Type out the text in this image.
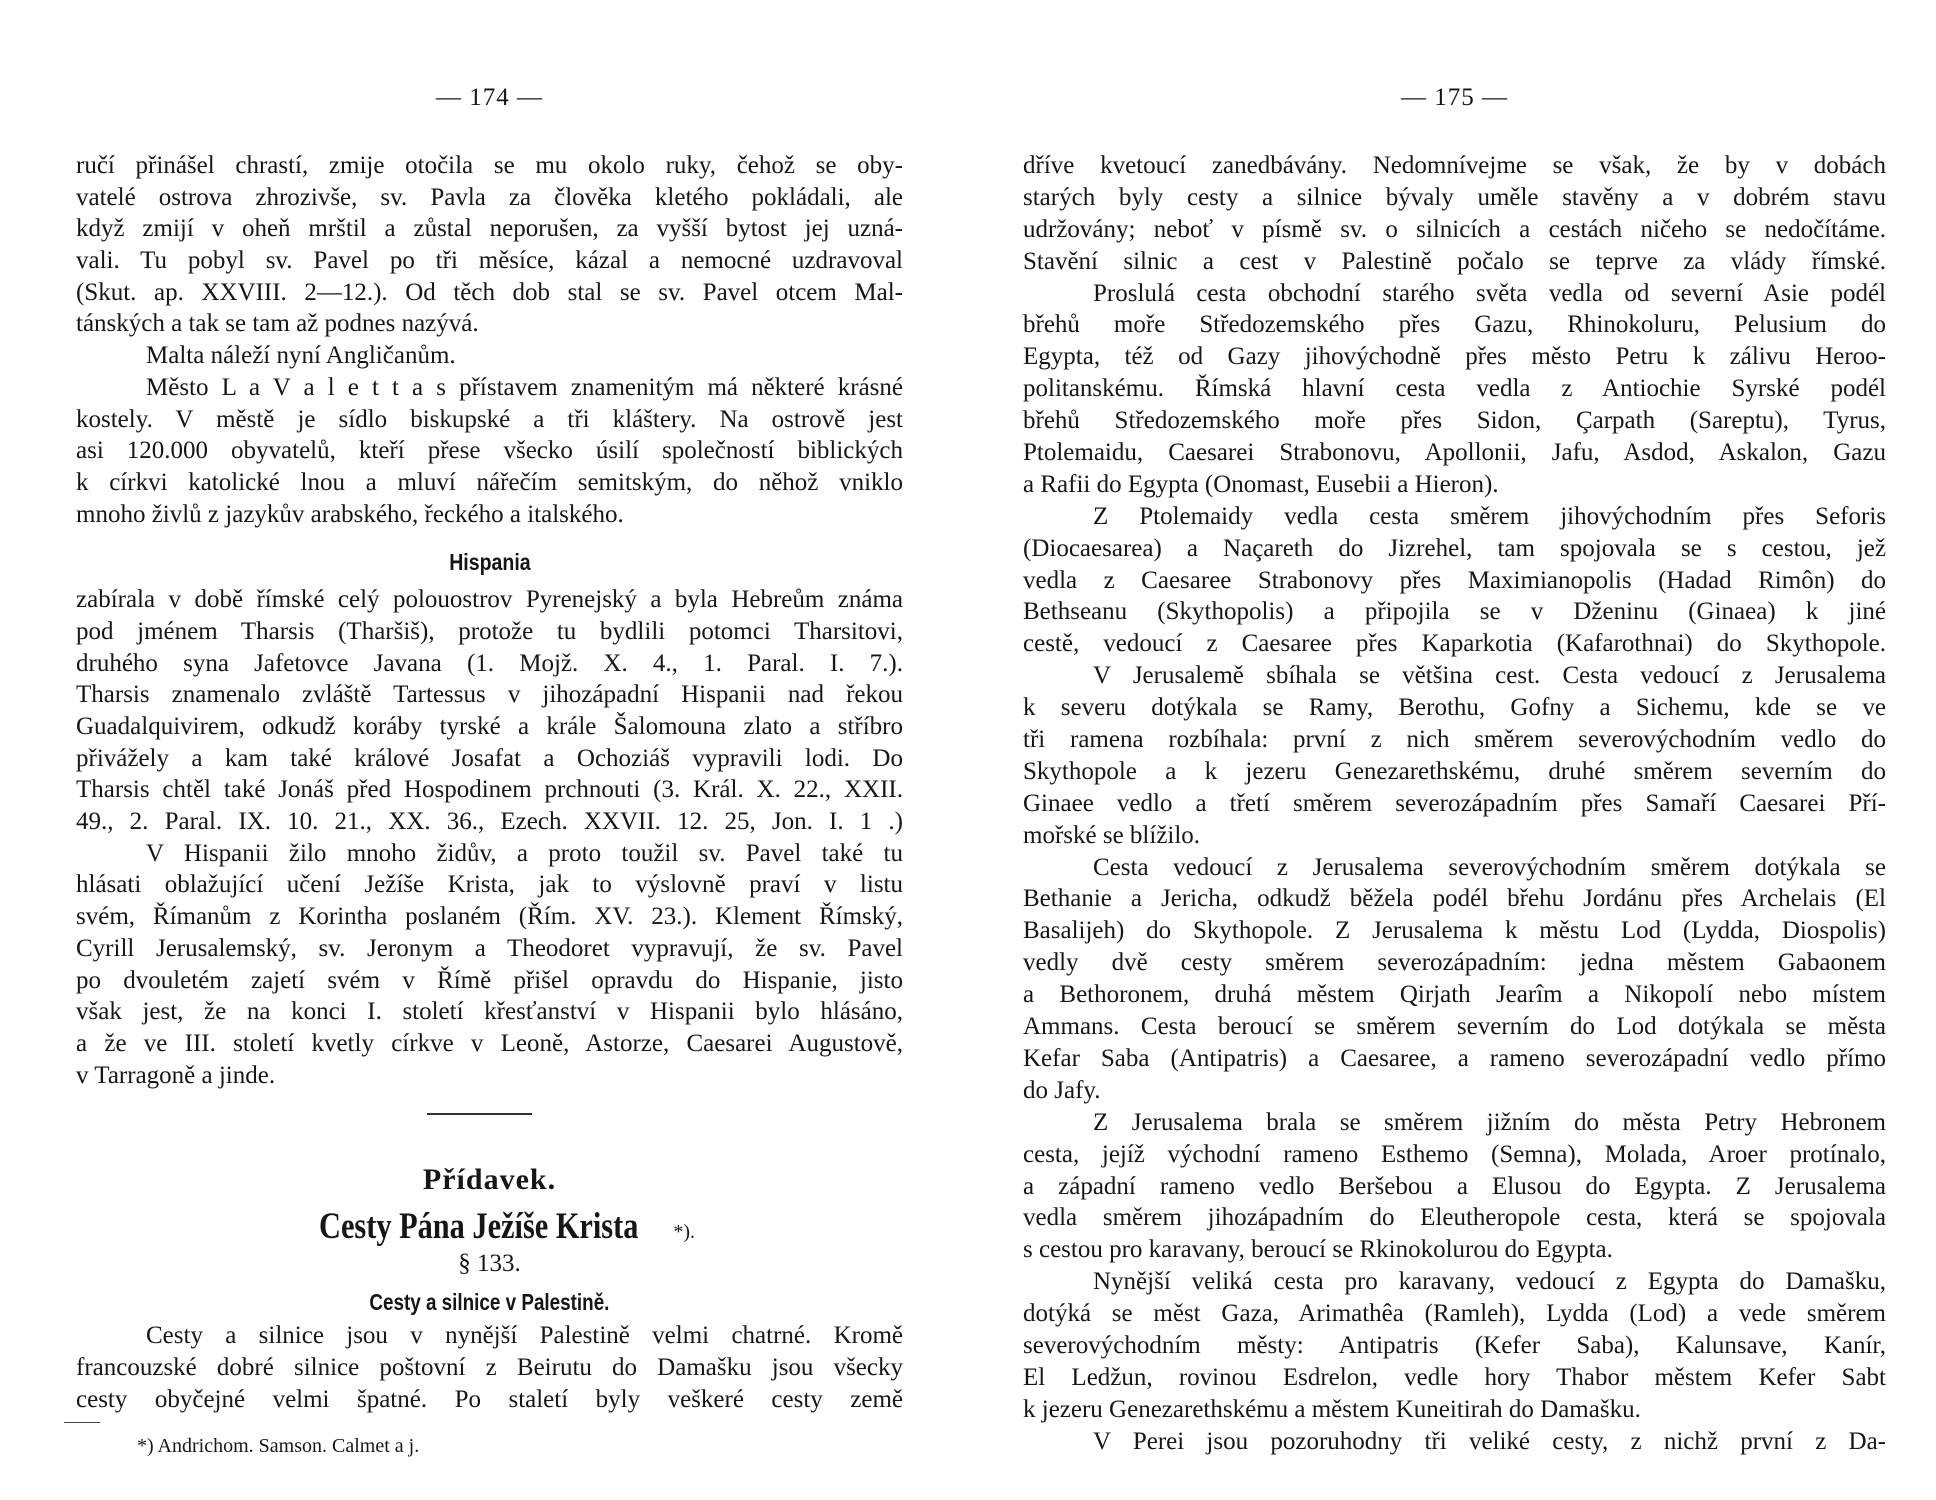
— 174 —
ručí přinášel chrastí, zmije otočila se mu okolo ruky, čehož se oby-
vatelé ostrova zhrozivše, sv. Pavla za člověka kletého pokládali, ale
když zmijí v oheň mrštil a zůstal neporušen, za vyšší bytost jej uzná-
vali. Tu pobyl sv. Pavel po tři měsíce, kázal a nemocné uzdravoval
(Skut. ap. XXVIII. 2—12.). Od těch dob stal se sv. Pavel otcem Mal-
tánských a tak se tam až podnes nazývá.
Malta náleží nyní Angličanům.
Město L a V a l e t t a s přístavem znamenitým má některé krásné
kostely. V městě je sídlo biskupské a tři kláštery. Na ostrově jest
asi 120.000 obyvatelů, kteří přese všecko úsilí společností biblických
k církvi katolické lnou a mluví nářečím semitským, do něhož vniklo
mnoho živlů z jazykův arabského, řeckého a italského.
Hispania
zabírala v době římské celý polouostrov Pyrenejský a byla Hebreům známa
pod jménem Tharsis (Tharšiš), protože tu bydlili potomci Tharsitovi,
druhého syna Jafetovce Javana (1. Mojž. X. 4., 1. Paral. I. 7.).
Tharsis znamenalo zvláště Tartessus v jihozápadní Hispanii nad řekou
Guadalquivirem, odkudž koráby tyrské a krále Šalomouna zlato a stříbro
přivážely a kam také králové Josafat a Ochoziáš vypravili lodi. Do
Tharsis chtěl také Jonáš před Hospodinem prchnouti (3. Král. X. 22., XXII.
49., 2. Paral. IX. 10. 21., XX. 36., Ezech. XXVII. 12. 25, Jon. I. 1 .)
V Hispanii žilo mnoho židův, a proto toužil sv. Pavel také tu
hlásati oblažující učení Ježíše Krista, jak to výslovně praví v listu
svém, Římanům z Korintha poslaném (Řím. XV. 23.). Klement Římský,
Cyrill Jerusalemský, sv. Jeronym a Theodoret vypravují, že sv. Pavel
po dvouletém zajetí svém v Římě přišel opravdu do Hispanie, jisto
však jest, že na konci I. století křesťanství v Hispanii bylo hlásáno,
a že ve III. století kvetly církve v Leoně, Astorze, Caesarei Augustově,
v Tarragoně a jinde.
Přídavek.
Cesty Pána Ježíše Krista *).
§ 133.
Cesty a silnice v Palestině.
Cesty a silnice jsou v nynější Palestině velmi chatrné. Kromě
francouzské dobré silnice poštovní z Beirutu do Damašku jsou všecky
cesty obyčejné velmi špatné. Po staletí byly veškeré cesty země
*) Andrichom. Samson. Calmet a j.
— 175 —
dříve kvetoucí zanedbávány. Nedomnívejme se však, že by v dobách
starých byly cesty a silnice bývaly uměle stavěny a v dobrém stavu
udržovány; neboť v písmě sv. o silnicích a cestách ničeho se nedočítáme.
Stavění silnic a cest v Palestině počalo se teprve za vlády římské.
Proslulá cesta obchodní starého světa vedla od severní Asie podél
břehů moře Středozemského přes Gazu, Rhinokoluru, Pelusium do
Egypta, též od Gazy jihovýchodně přes město Petru k zálivu Heroo-
politanskému. Římská hlavní cesta vedla z Antiochie Syrské podél
břehů Středozemského moře přes Sidon, Çarpath (Sareptu), Tyrus,
Ptolemaidu, Caesarei Strabonovu, Apollonii, Jafu, Asdod, Askalon, Gazu
a Rafii do Egypta (Onomast, Eusebii a Hieron).
Z Ptolemaidy vedla cesta směrem jihovýchodním přes Seforis
(Diocaesarea) a Naçareth do Jizrehel, tam spojovala se s cestou, jež
vedla z Caesaree Strabonovy přes Maximianopolis (Hadad Rimôn) do
Bethseanu (Skythopolis) a připojila se v Dženinu (Ginaea) k jiné
cestě, vedoucí z Caesaree přes Kaparkotia (Kafarothnai) do Skythopole.
V Jerusalemě sbíhala se většina cest. Cesta vedoucí z Jerusalema
k severu dotýkala se Ramy, Berothu, Gofny a Sichemu, kde se ve
tři ramena rozbíhala: první z nich směrem severovýchodním vedlo do
Skythopole a k jezeru Genezarethskému, druhé směrem severním do
Ginaee vedlo a třetí směrem severozápadním přes Samaří Caesarei Pří-
mořské se blížilo.
Cesta vedoucí z Jerusalema severovýchodním směrem dotýkala se
Bethanie a Jericha, odkudž běžela podél břehu Jordánu přes Archelais (El
Basalijeh) do Skythopole. Z Jerusalema k městu Lod (Lydda, Diospolis)
vedly dvě cesty směrem severozápadním: jedna městem Gabaonem
a Bethoronem, druhá městem Qirjath Jearîm a Nikopolí nebo místem
Ammans. Cesta beroucí se směrem severním do Lod dotýkala se města
Kefar Saba (Antipatris) a Caesaree, a rameno severozápadní vedlo přímo
do Jafy.
Z Jerusalema brala se směrem jižním do města Petry Hebronem
cesta, jejíž východní rameno Esthemo (Semna), Molada, Aroer protínalo,
a západní rameno vedlo Beršebou a Elusou do Egypta. Z Jerusalema
vedla směrem jihozápadním do Eleutheropole cesta, která se spojovala
s cestou pro karavany, beroucí se Rkinokolurou do Egypta.
Nynější veliká cesta pro karavany, vedoucí z Egypta do Damašku,
dotýká se měst Gaza, Arimathêa (Ramleh), Lydda (Lod) a vede směrem
severovýchodním městy: Antipatris (Kefer Saba), Kalunsave, Kanír,
El Ledžun, rovinou Esdrelon, vedle hory Thabor městem Kefer Sabt
k jezeru Genezarethskému a městem Kuneitirah do Damašku.
V Perei jsou pozoruhodny tři veliké cesty, z nichž první z Da-
